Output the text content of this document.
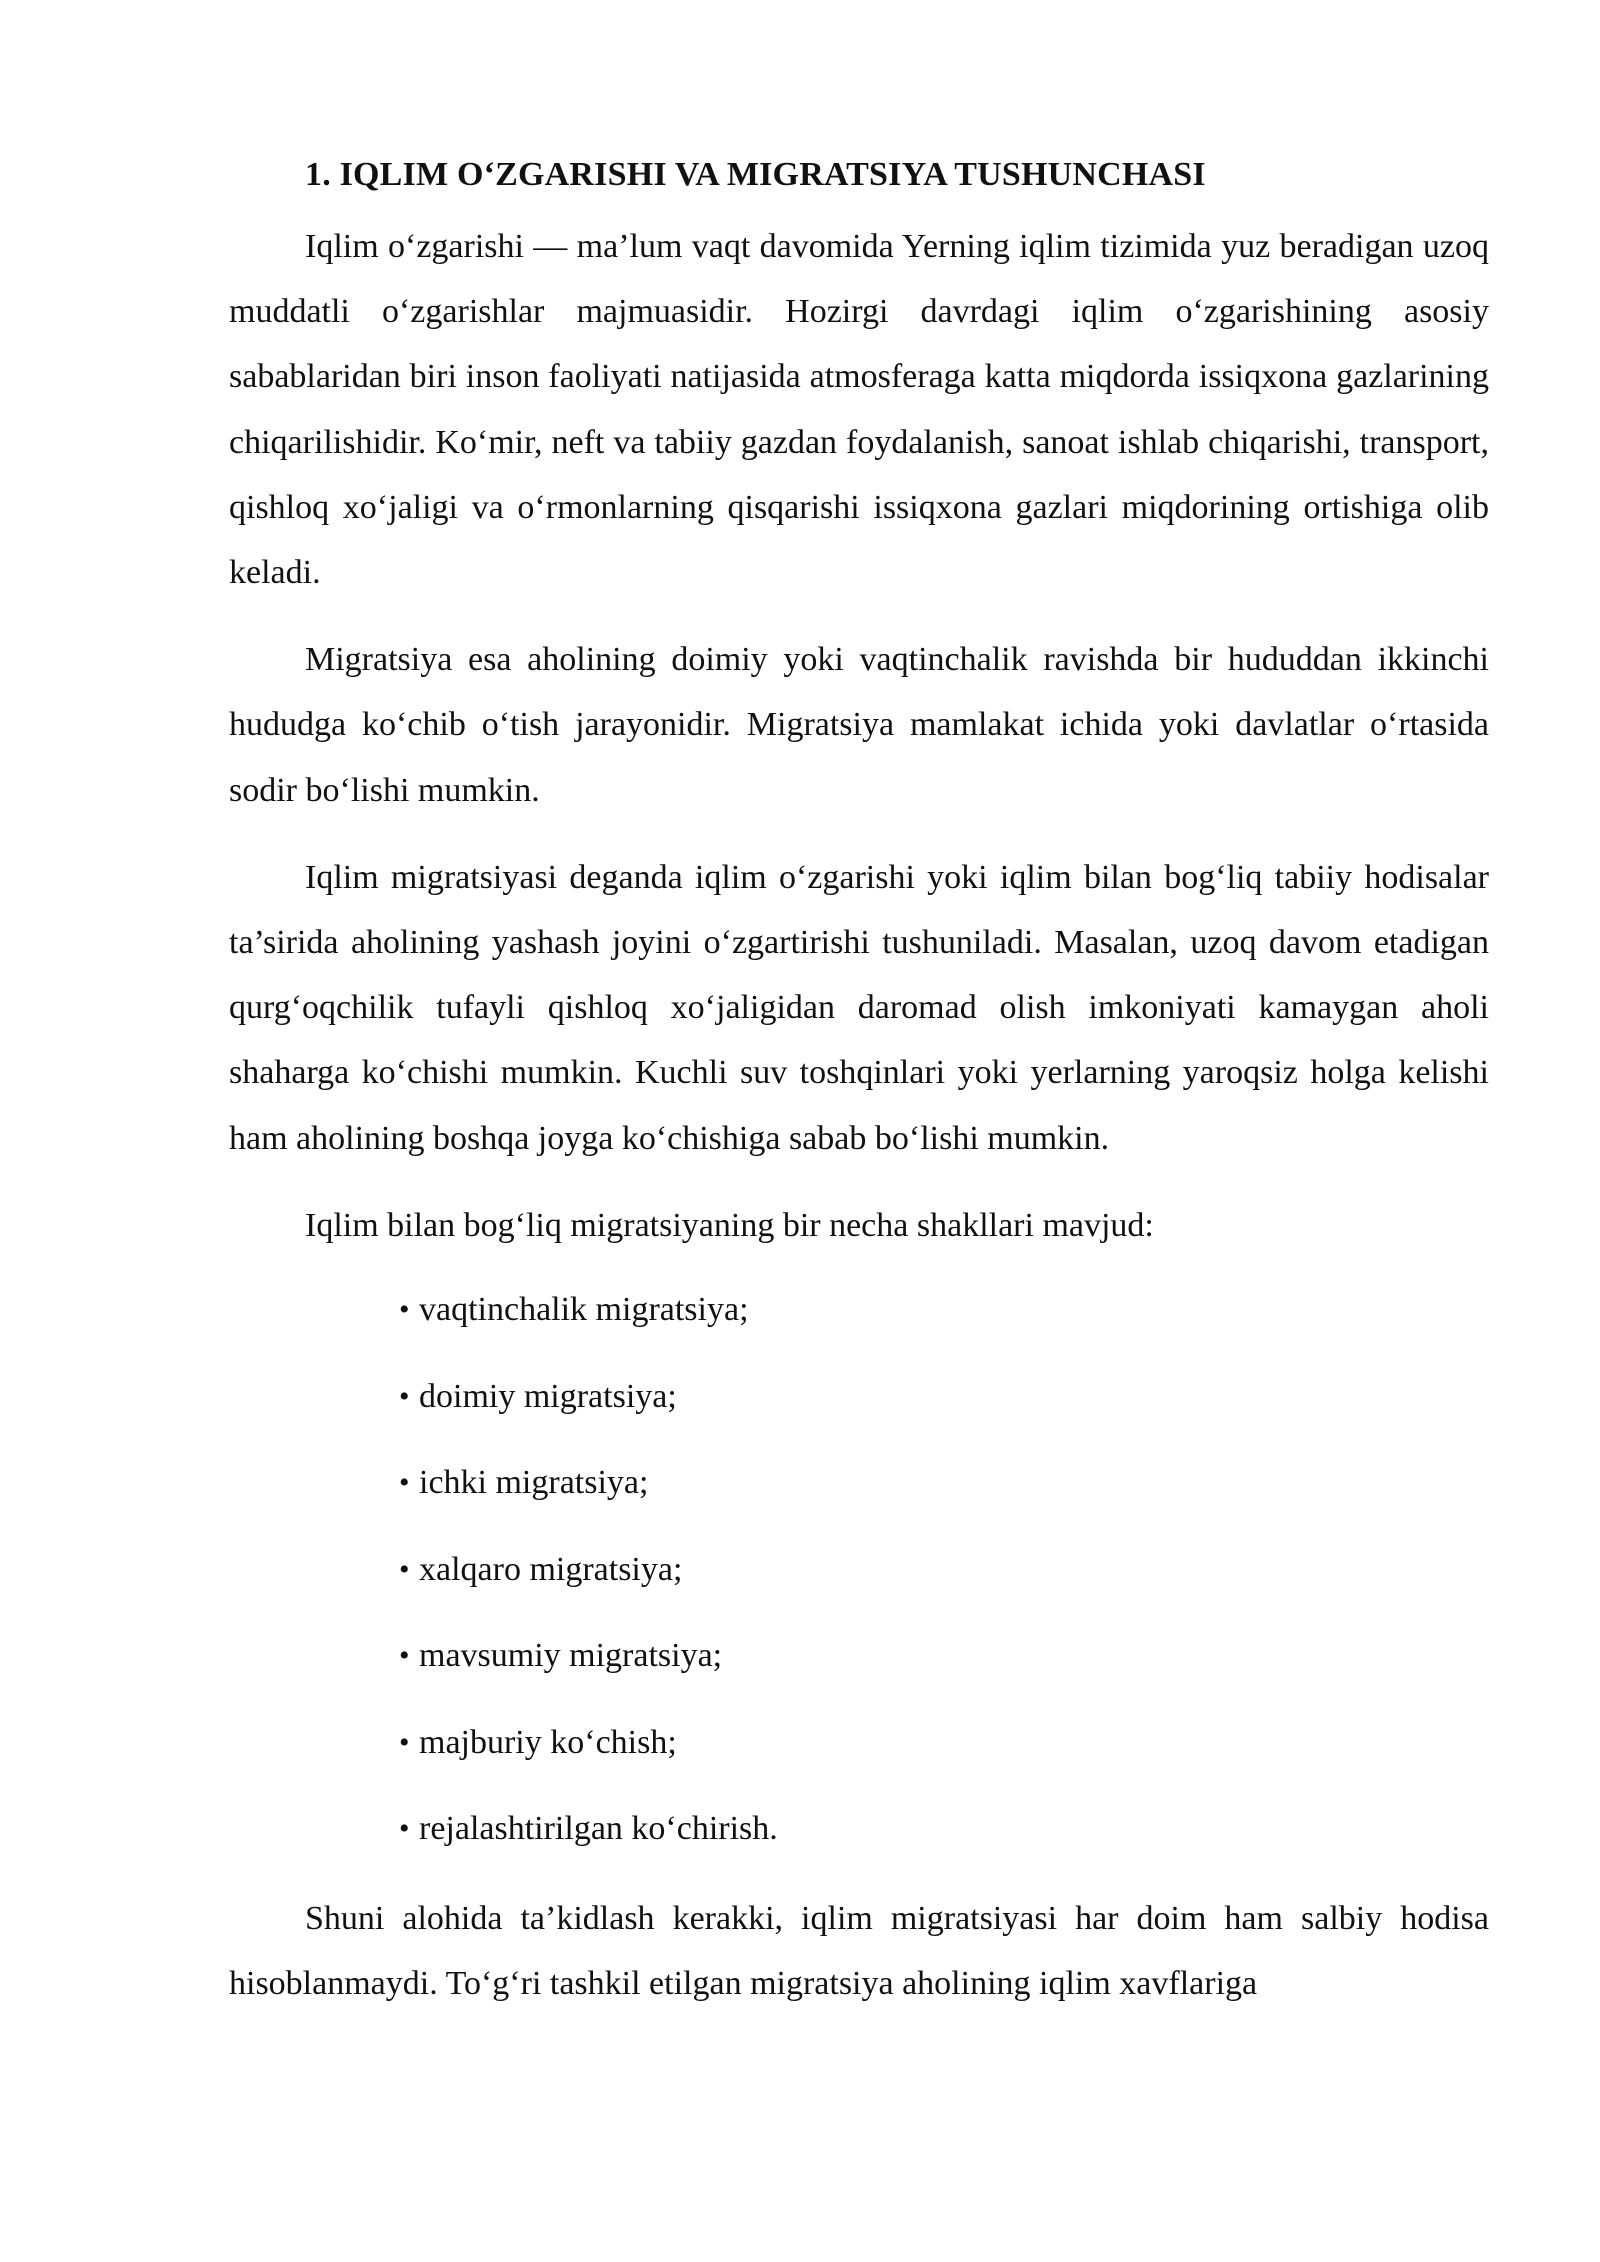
1. IQLIM O‘ZGARISHI VA MIGRATSIYA TUSHUNCHASI

Iqlim o‘zgarishi — ma’lum vaqt davomida Yerning iqlim tizimida yuz beradigan uzoq muddatli o‘zgarishlar majmuasidir. Hozirgi davrdagi iqlim o‘zgarishining asosiy sabablaridan biri inson faoliyati natijasida atmosferaga katta miqdorda issiqxona gazlarining chiqarilishidir. Ko‘mir, neft va tabiiy gazdan foydalanish, sanoat ishlab chiqarishi, transport, qishloq xo‘jaligi va o‘rmonlarning qisqarishi issiqxona gazlari miqdorining ortishiga olib keladi.

Migratsiya esa aholining doimiy yoki vaqtinchalik ravishda bir hududdan ikkinchi hududga ko‘chib o‘tish jarayonidir. Migratsiya mamlakat ichida yoki davlatlar o‘rtasida sodir bo‘lishi mumkin.

Iqlim migratsiyasi deganda iqlim o‘zgarishi yoki iqlim bilan bog‘liq tabiiy hodisalar ta’sirida aholining yashash joyini o‘zgartirishi tushuniladi. Masalan, uzoq davom etadigan qurg‘oqchilik tufayli qishloq xo‘jaligidan daromad olish imkoniyati kamaygan aholi shaharga ko‘chishi mumkin. Kuchli suv toshqinlari yoki yerlarning yaroqsiz holga kelishi ham aholining boshqa joyga ko‘chishiga sabab bo‘lishi mumkin.

Iqlim bilan bog‘liq migratsiyaning bir necha shakllari mavjud:

• vaqtinchalik migratsiya;
• doimiy migratsiya;
• ichki migratsiya;
• xalqaro migratsiya;
• mavsumiy migratsiya;
• majburiy ko‘chish;
• rejalashtirilgan ko‘chirish.

Shuni alohida ta’kidlash kerakki, iqlim migratsiyasi har doim ham salbiy hodisa hisoblanmaydi. To‘g‘ri tashkil etilgan migratsiya aholining iqlim xavflariga
